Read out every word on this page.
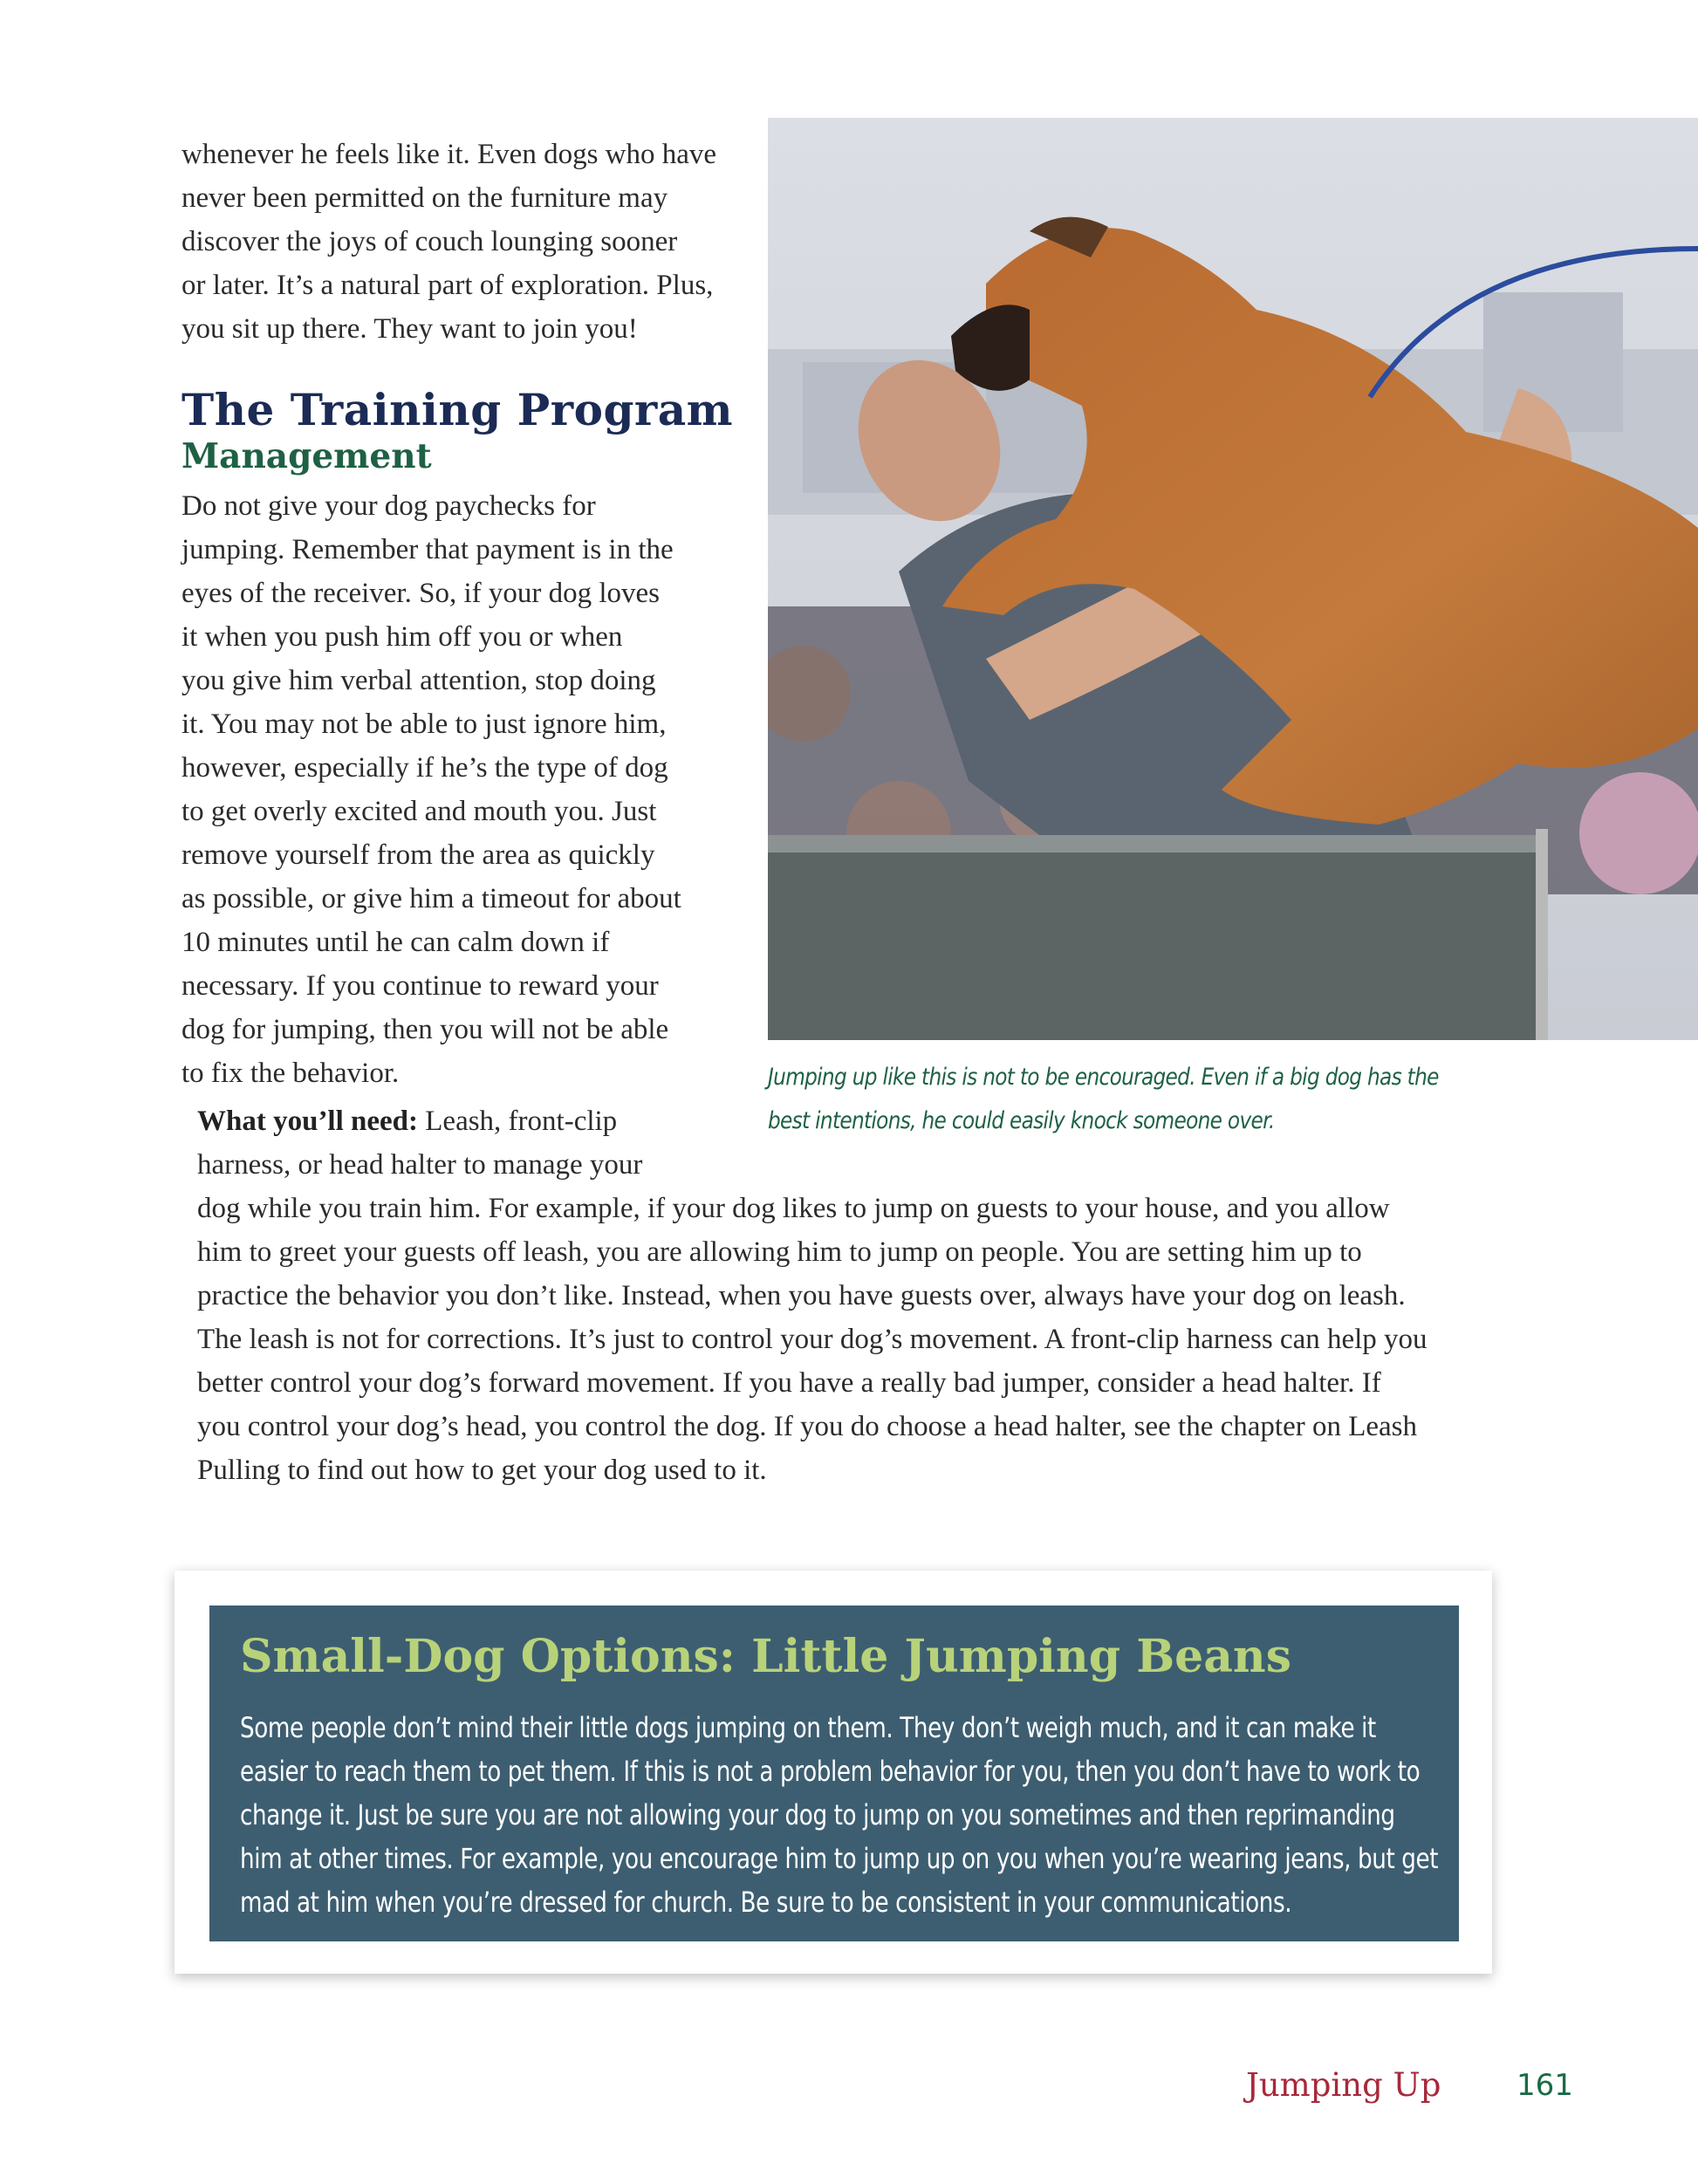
whenever he feels like it. Even dogs who have
never been permitted on the furniture may
discover the joys of couch lounging sooner
or later. It’s a natural part of exploration. Plus,
you sit up there. They want to join you!
The Training Program
Management
Do not give your dog paychecks for
jumping. Remember that payment is in the
eyes of the receiver. So, if your dog loves
it when you push him off you or when
you give him verbal attention, stop doing
it. You may not be able to just ignore him,
however, especially if he’s the type of dog
to get overly excited and mouth you. Just
remove yourself from the area as quickly
as possible, or give him a timeout for about
10 minutes until he can calm down if
necessary. If you continue to reward your
dog for jumping, then you will not be able
to fix the behavior.
What you’ll need: Leash, front-clip
harness, or head halter to manage your
dog while you train him. For example, if your dog likes to jump on guests to your house, and you allow
him to greet your guests off leash, you are allowing him to jump on people. You are setting him up to
practice the behavior you don’t like. Instead, when you have guests over, always have your dog on leash.
The leash is not for corrections. It’s just to control your dog’s movement. A front-clip harness can help you
better control your dog’s forward movement. If you have a really bad jumper, consider a head halter. If
you control your dog’s head, you control the dog. If you do choose a head halter, see the chapter on Leash
Pulling to find out how to get your dog used to it.
Jumping up like this is not to be encouraged. Even if a big dog has the
best intentions, he could easily knock someone over.
Small-Dog Options: Little Jumping Beans
Some people don’t mind their little dogs jumping on them. They don’t weigh much, and it can make it
easier to reach them to pet them. If this is not a problem behavior for you, then you don’t have to work to
change it. Just be sure you are not allowing your dog to jump on you sometimes and then reprimanding
him at other times. For example, you encourage him to jump up on you when you’re wearing jeans, but get
mad at him when you’re dressed for church. Be sure to be consistent in your communications.
Jumping Up	161
